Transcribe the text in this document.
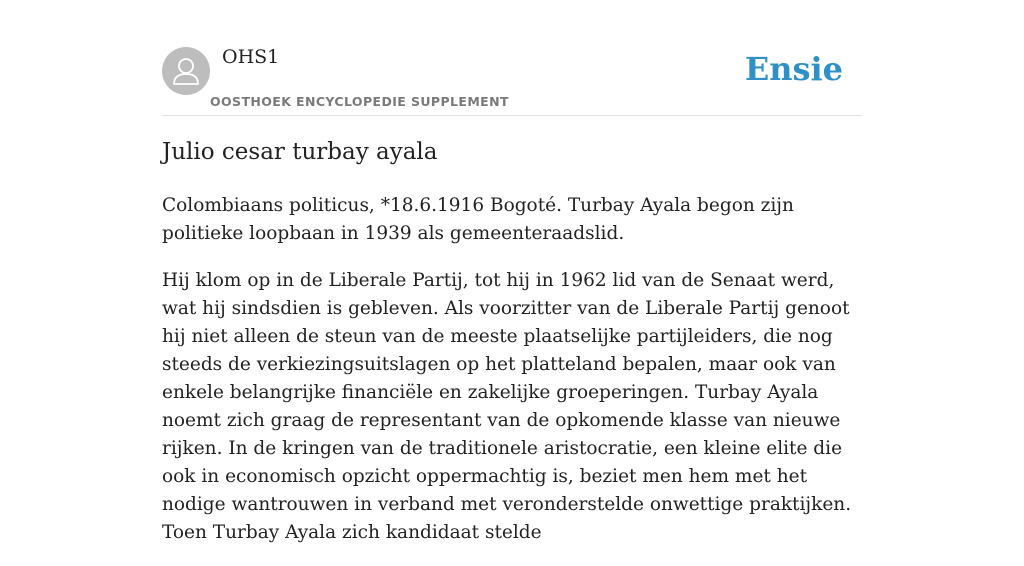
OHS1
OOSTHOEK ENCYCLOPEDIE SUPPLEMENT
Ensie
Julio cesar turbay ayala

Colombiaans politicus, *18.6.1916 Bogoté. Turbay Ayala begon zijn politieke loopbaan in 1939 als gemeenteraadslid.

Hij klom op in de Liberale Partij, tot hij in 1962 lid van de Senaat werd, wat hij sindsdien is gebleven. Als voorzitter van de Liberale Partij genoot hij niet alleen de steun van de meeste plaatselijke partijleiders, die nog steeds de verkiezingsuitslagen op het platteland bepalen, maar ook van enkele belangrijke financiële en zakelijke groeperingen. Turbay Ayala noemt zich graag de representant van de opkomende klasse van nieuwe rijken. In de kringen van de traditionele aristocratie, een kleine elite die ook in economisch opzicht oppermachtig is, beziet men hem met het nodige wantrouwen in verband met veronderstelde onwettige praktijken. Toen Turbay Ayala zich kandidaat stelde
